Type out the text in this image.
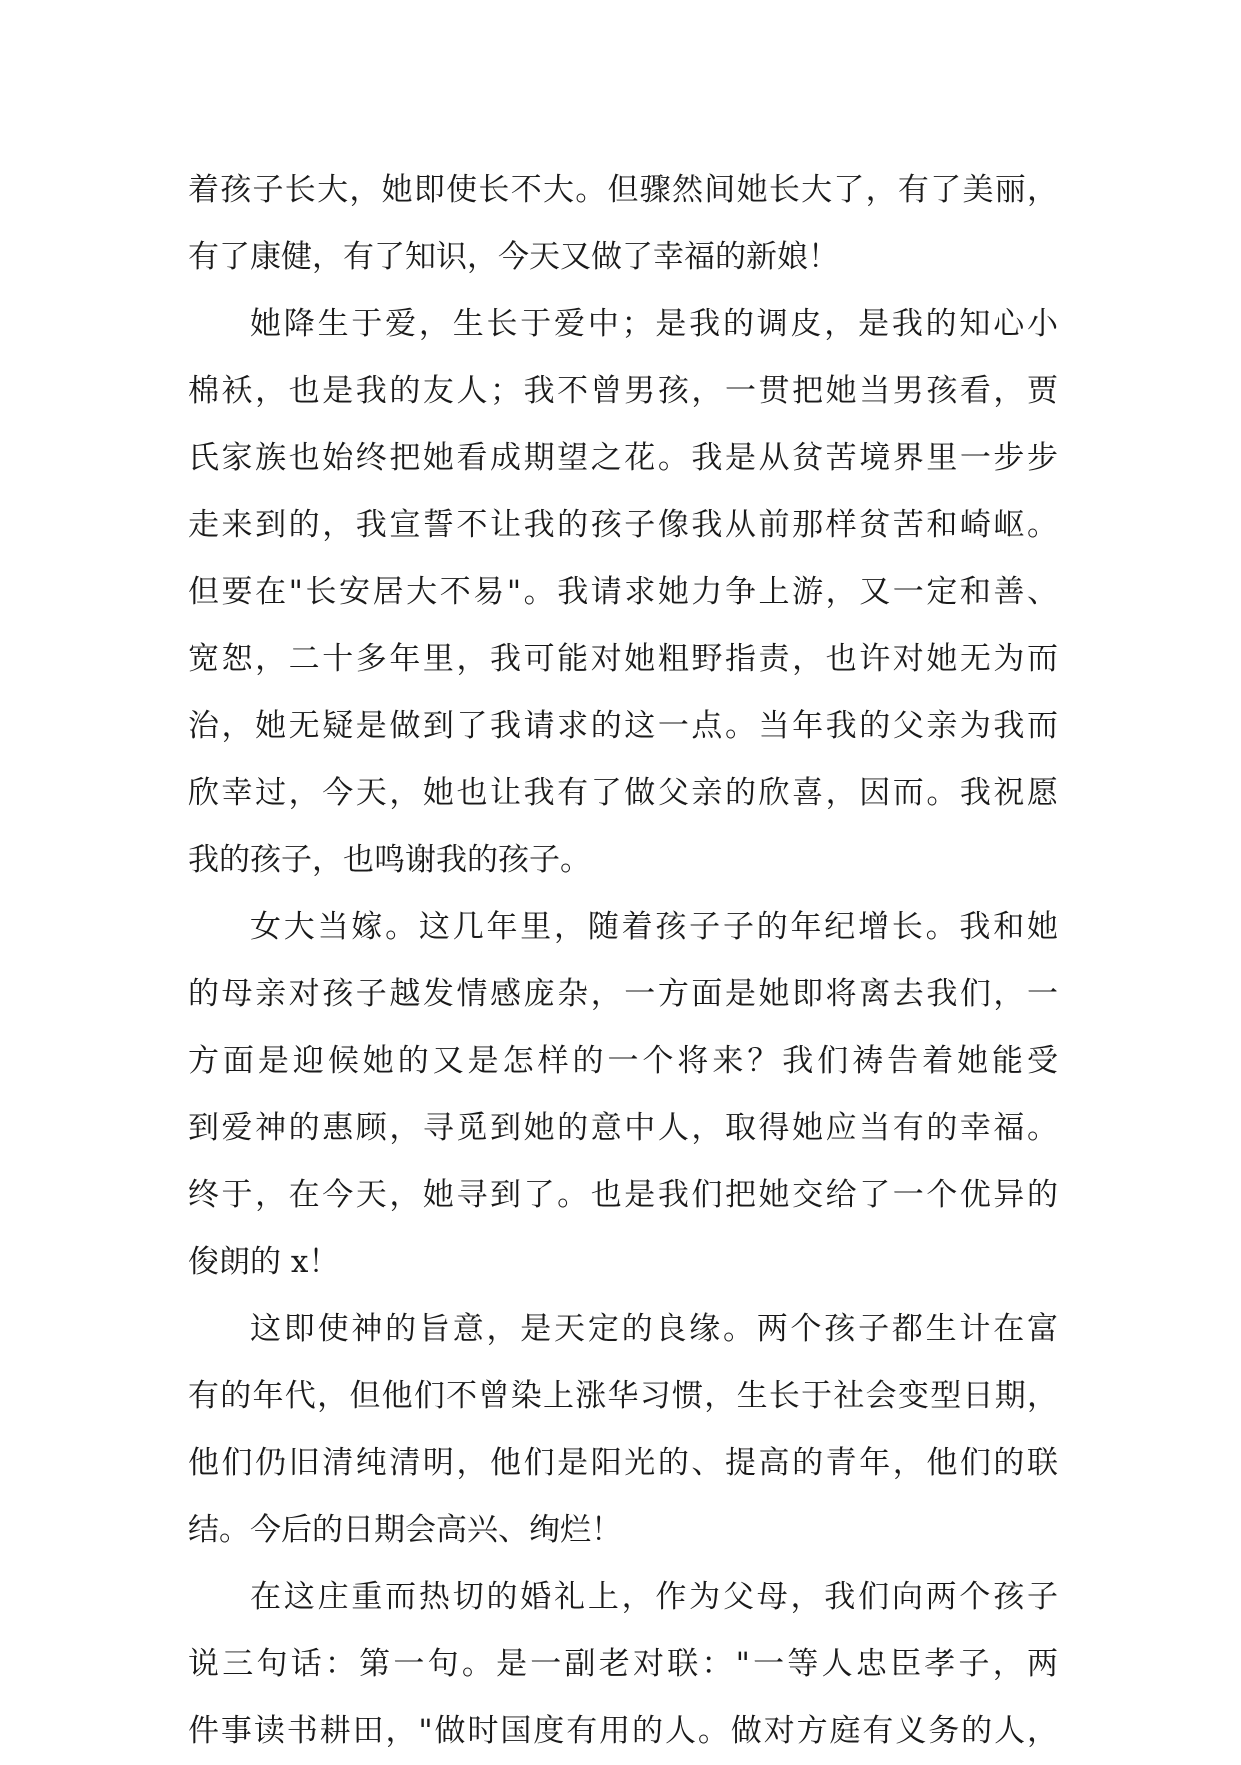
着孩子长大，她即使长不大。但骤然间她长大了，有了美丽，
有了康健，有了知识，今天又做了幸福的新娘！
她降生于爱，生长于爱中；是我的调皮，是我的知心小
棉袄，也是我的友人；我不曾男孩，一贯把她当男孩看，贾
氏家族也始终把她看成期望之花。我是从贫苦境界里一步步
走来到的，我宣誓不让我的孩子像我从前那样贫苦和崎岖。
但要在"长安居大不易"。我请求她力争上游，又一定和善、
宽恕，二十多年里，我可能对她粗野指责，也许对她无为而
治，她无疑是做到了我请求的这一点。当年我的父亲为我而
欣幸过，今天，她也让我有了做父亲的欣喜，因而。我祝愿
我的孩子，也鸣谢我的孩子。
女大当嫁。这几年里，随着孩子子的年纪增长。我和她
的母亲对孩子越发情感庞杂，一方面是她即将离去我们，一
方面是迎候她的又是怎样的一个将来？我们祷告着她能受
到爱神的惠顾，寻觅到她的意中人，取得她应当有的幸福。
终于，在今天，她寻到了。也是我们把她交给了一个优异的
俊朗的 x！
这即使神的旨意，是天定的良缘。两个孩子都生计在富
有的年代，但他们不曾染上涨华习惯，生长于社会变型日期，
他们仍旧清纯清明，他们是阳光的、提高的青年，他们的联
结。今后的日期会高兴、绚烂！
在这庄重而热切的婚礼上，作为父母，我们向两个孩子
说三句话：第一句。是一副老对联："一等人忠臣孝子，两
件事读书耕田，"做时国度有用的人。做对方庭有义务的人，
